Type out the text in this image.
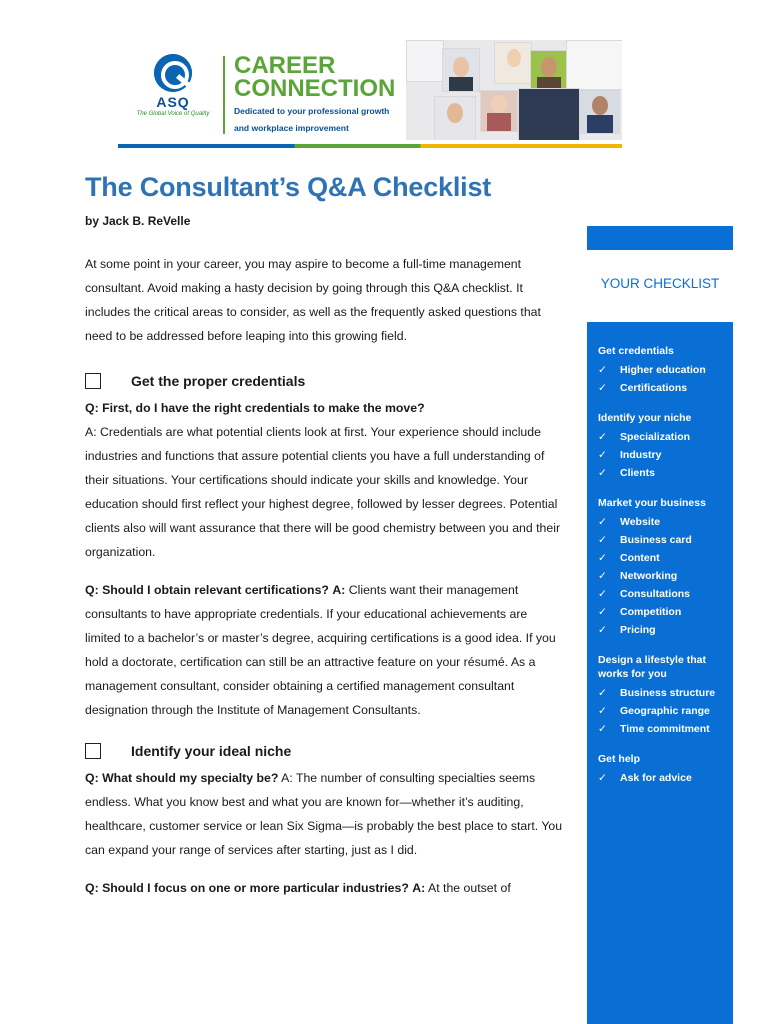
ASQ
The Global Voice of Quality
CAREER
CONNECTION
Dedicated to your professional growth
and workplace improvement
The Consultant’s Q&A Checklist

by Jack B. ReVelle

At some point in your career, you may aspire to become a full-time management consultant. Avoid making a hasty decision by going through this Q&A checklist. It includes the critical areas to consider, as well as the frequently asked questions that need to be addressed before leaping into this growing field.

Get the proper credentials

Q: First, do I have the right credentials to make the move?
A: Credentials are what potential clients look at first. Your experience should include industries and functions that assure potential clients you have a full understanding of their situations. Your certifications should indicate your skills and knowledge. Your education should first reflect your highest degree, followed by lesser degrees. Potential clients also will want assurance that there will be good chemistry between you and their organization.

Q: Should I obtain relevant certifications? A: Clients want their management consultants to have appropriate credentials. If your educational achievements are limited to a bachelor’s or master’s degree, acquiring certifications is a good idea. If you hold a doctorate, certification can still be an attractive feature on your résumé. As a management consultant, consider obtaining a certified management consultant designation through the Institute of Management Consultants.

Identify your ideal niche

Q: What should my specialty be? A: The number of consulting specialties seems endless. What you know best and what you are known for—whether it’s auditing, healthcare, customer service or lean Six Sigma—is probably the best place to start. You can expand your range of services after starting, just as I did.

Q: Should I focus on one or more particular industries? A: At the outset of

YOUR CHECKLIST

Get credentials
✓	Higher education
✓	Certifications
Identify your niche
✓	Specialization
✓	Industry
✓	Clients
Market your business
✓	Website
✓	Business card
✓	Content
✓	Networking
✓	Consultations
✓	Competition
✓	Pricing
Design a lifestyle that works for you
✓	Business structure
✓	Geographic range
✓	Time commitment
Get help
✓	Ask for advice
